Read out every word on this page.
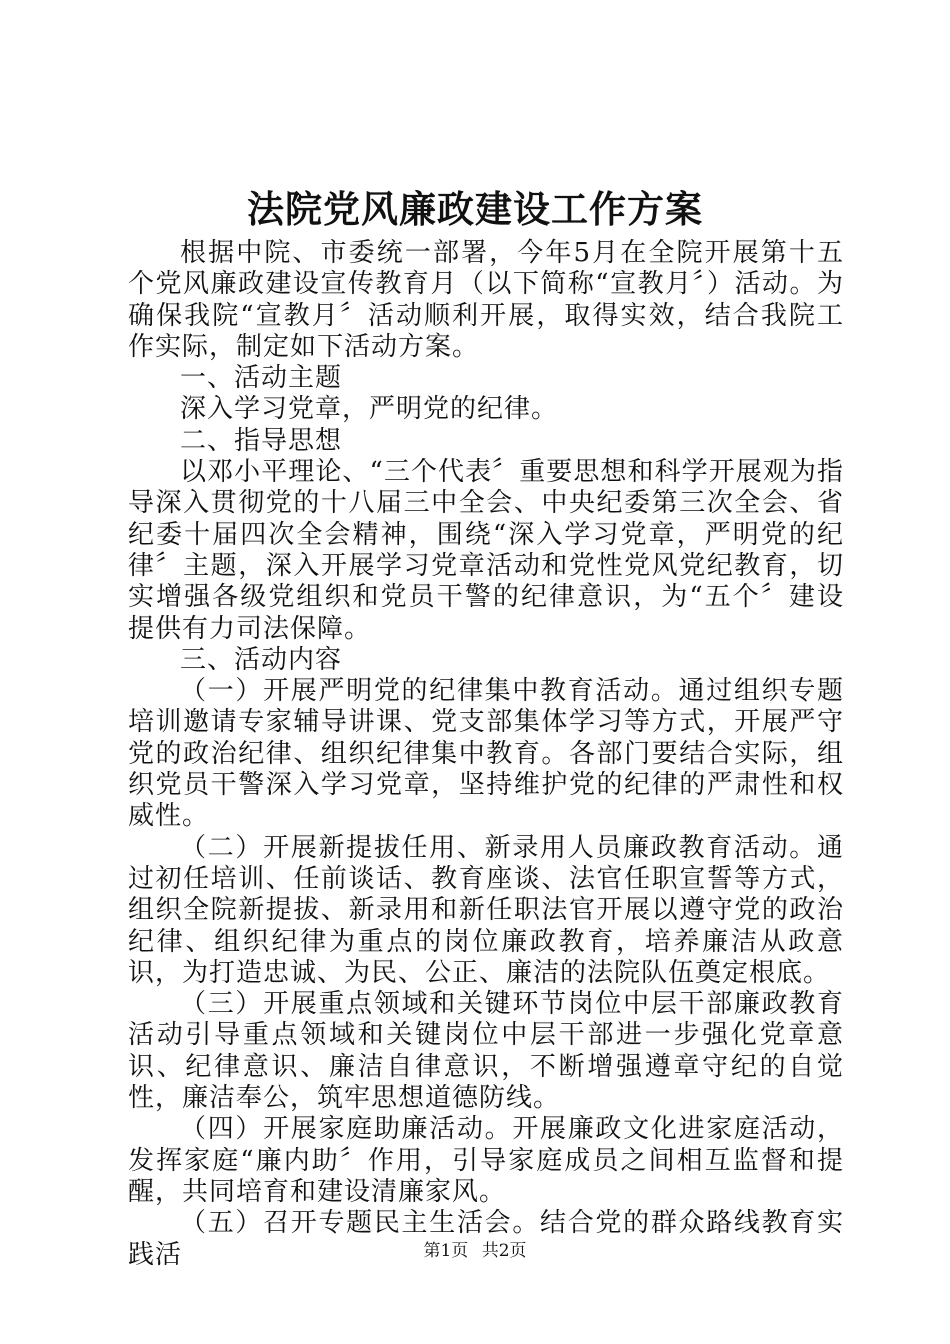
法院党风廉政建设工作方案

根据中院、市委统一部署，今年5月在全院开展第十五个党风廉政建设宣传教育月（以下简称“宣教月〞）活动。为确保我院“宣教月〞活动顺利开展，取得实效，结合我院工作实际，制定如下活动方案。

一、活动主题

深入学习党章，严明党的纪律。

二、指导思想

以邓小平理论、“三个代表〞重要思想和科学开展观为指导深入贯彻党的十八届三中全会、中央纪委第三次全会、省纪委十届四次全会精神，围绕“深入学习党章，严明党的纪律〞主题，深入开展学习党章活动和党性党风党纪教育，切实增强各级党组织和党员干警的纪律意识，为“五个〞建设提供有力司法保障。

三、活动内容

（一）开展严明党的纪律集中教育活动。通过组织专题培训邀请专家辅导讲课、党支部集体学习等方式，开展严守党的政治纪律、组织纪律集中教育。各部门要结合实际，组织党员干警深入学习党章，坚持维护党的纪律的严肃性和权威性。

（二）开展新提拔任用、新录用人员廉政教育活动。通过初任培训、任前谈话、教育座谈、法官任职宣誓等方式，组织全院新提拔、新录用和新任职法官开展以遵守党的政治纪律、组织纪律为重点的岗位廉政教育，培养廉洁从政意识，为打造忠诚、为民、公正、廉洁的法院队伍奠定根底。

（三）开展重点领域和关键环节岗位中层干部廉政教育活动引导重点领域和关键岗位中层干部进一步强化党章意识、纪律意识、廉洁自律意识，不断增强遵章守纪的自觉性，廉洁奉公，筑牢思想道德防线。

（四）开展家庭助廉活动。开展廉政文化进家庭活动，发挥家庭“廉内助〞作用，引导家庭成员之间相互监督和提醒，共同培育和建设清廉家风。

（五）召开专题民主生活会。结合党的群众路线教育实践活	第1页 共2页
